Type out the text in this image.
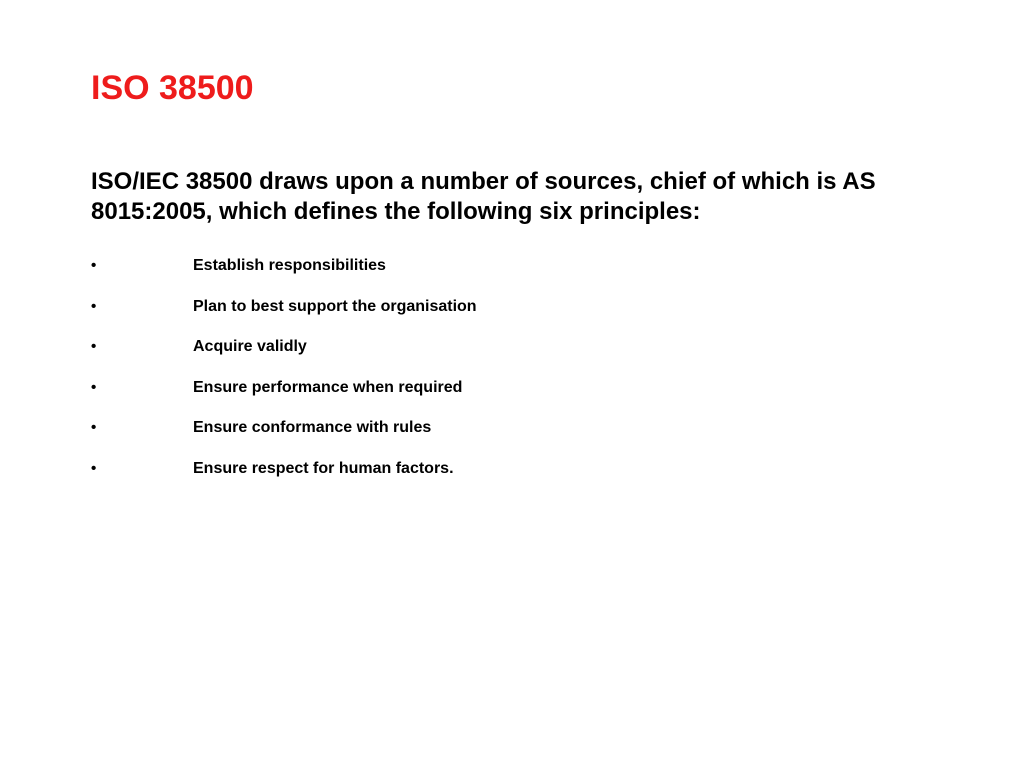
ISO 38500

ISO/IEC 38500 draws upon a number of sources, chief of which is AS 8015:2005, which defines the following six principles:

•	Establish responsibilities
•	Plan to best support the organisation
•	Acquire validly
•	Ensure performance when required
•	Ensure conformance with rules
•	Ensure respect for human factors.
